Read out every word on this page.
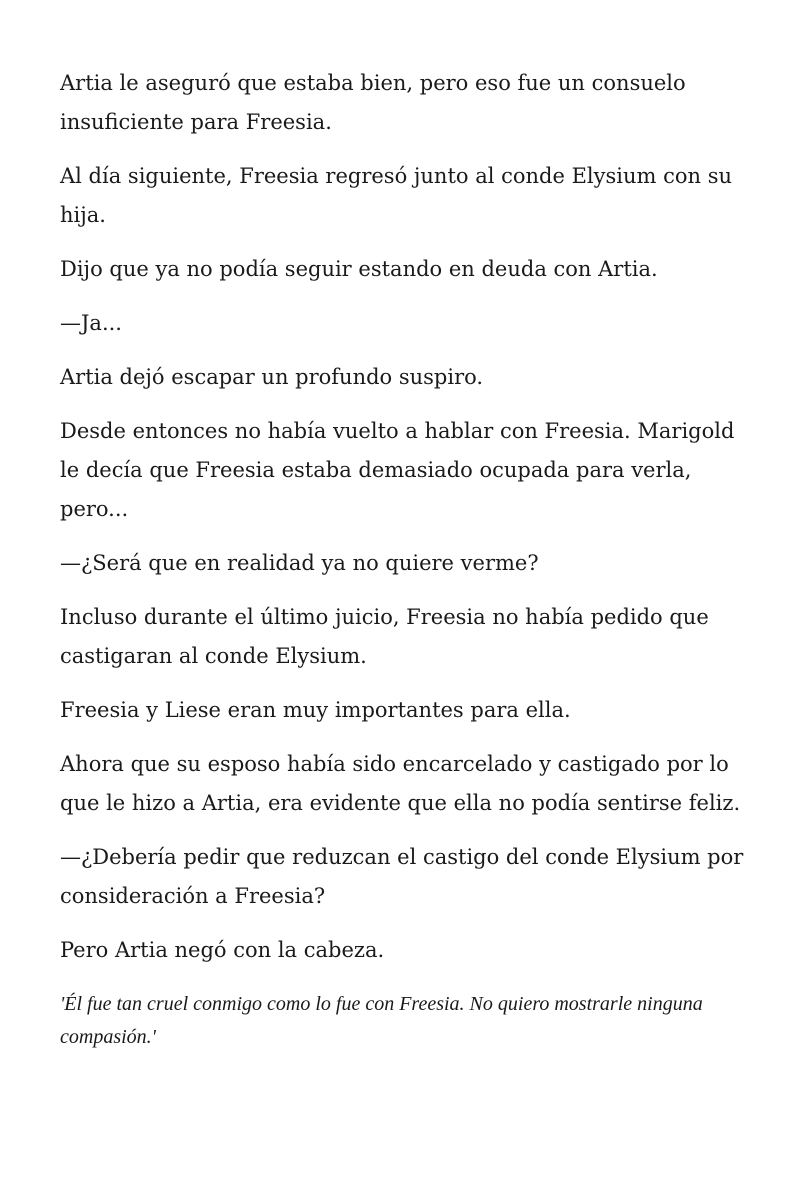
Artia le aseguró que estaba bien, pero eso fue un consuelo insuficiente para Freesia.

Al día siguiente, Freesia regresó junto al conde Elysium con su hija.

Dijo que ya no podía seguir estando en deuda con Artia.

—Ja...

Artia dejó escapar un profundo suspiro.

Desde entonces no había vuelto a hablar con Freesia. Marigold le decía que Freesia estaba demasiado ocupada para verla, pero...

—¿Será que en realidad ya no quiere verme?

Incluso durante el último juicio, Freesia no había pedido que castigaran al conde Elysium.

Freesia y Liese eran muy importantes para ella.

Ahora que su esposo había sido encarcelado y castigado por lo que le hizo a Artia, era evidente que ella no podía sentirse feliz.

—¿Debería pedir que reduzcan el castigo del conde Elysium por consideración a Freesia?

Pero Artia negó con la cabeza.

'Él fue tan cruel conmigo como lo fue con Freesia. No quiero mostrarle ninguna compasión.'
